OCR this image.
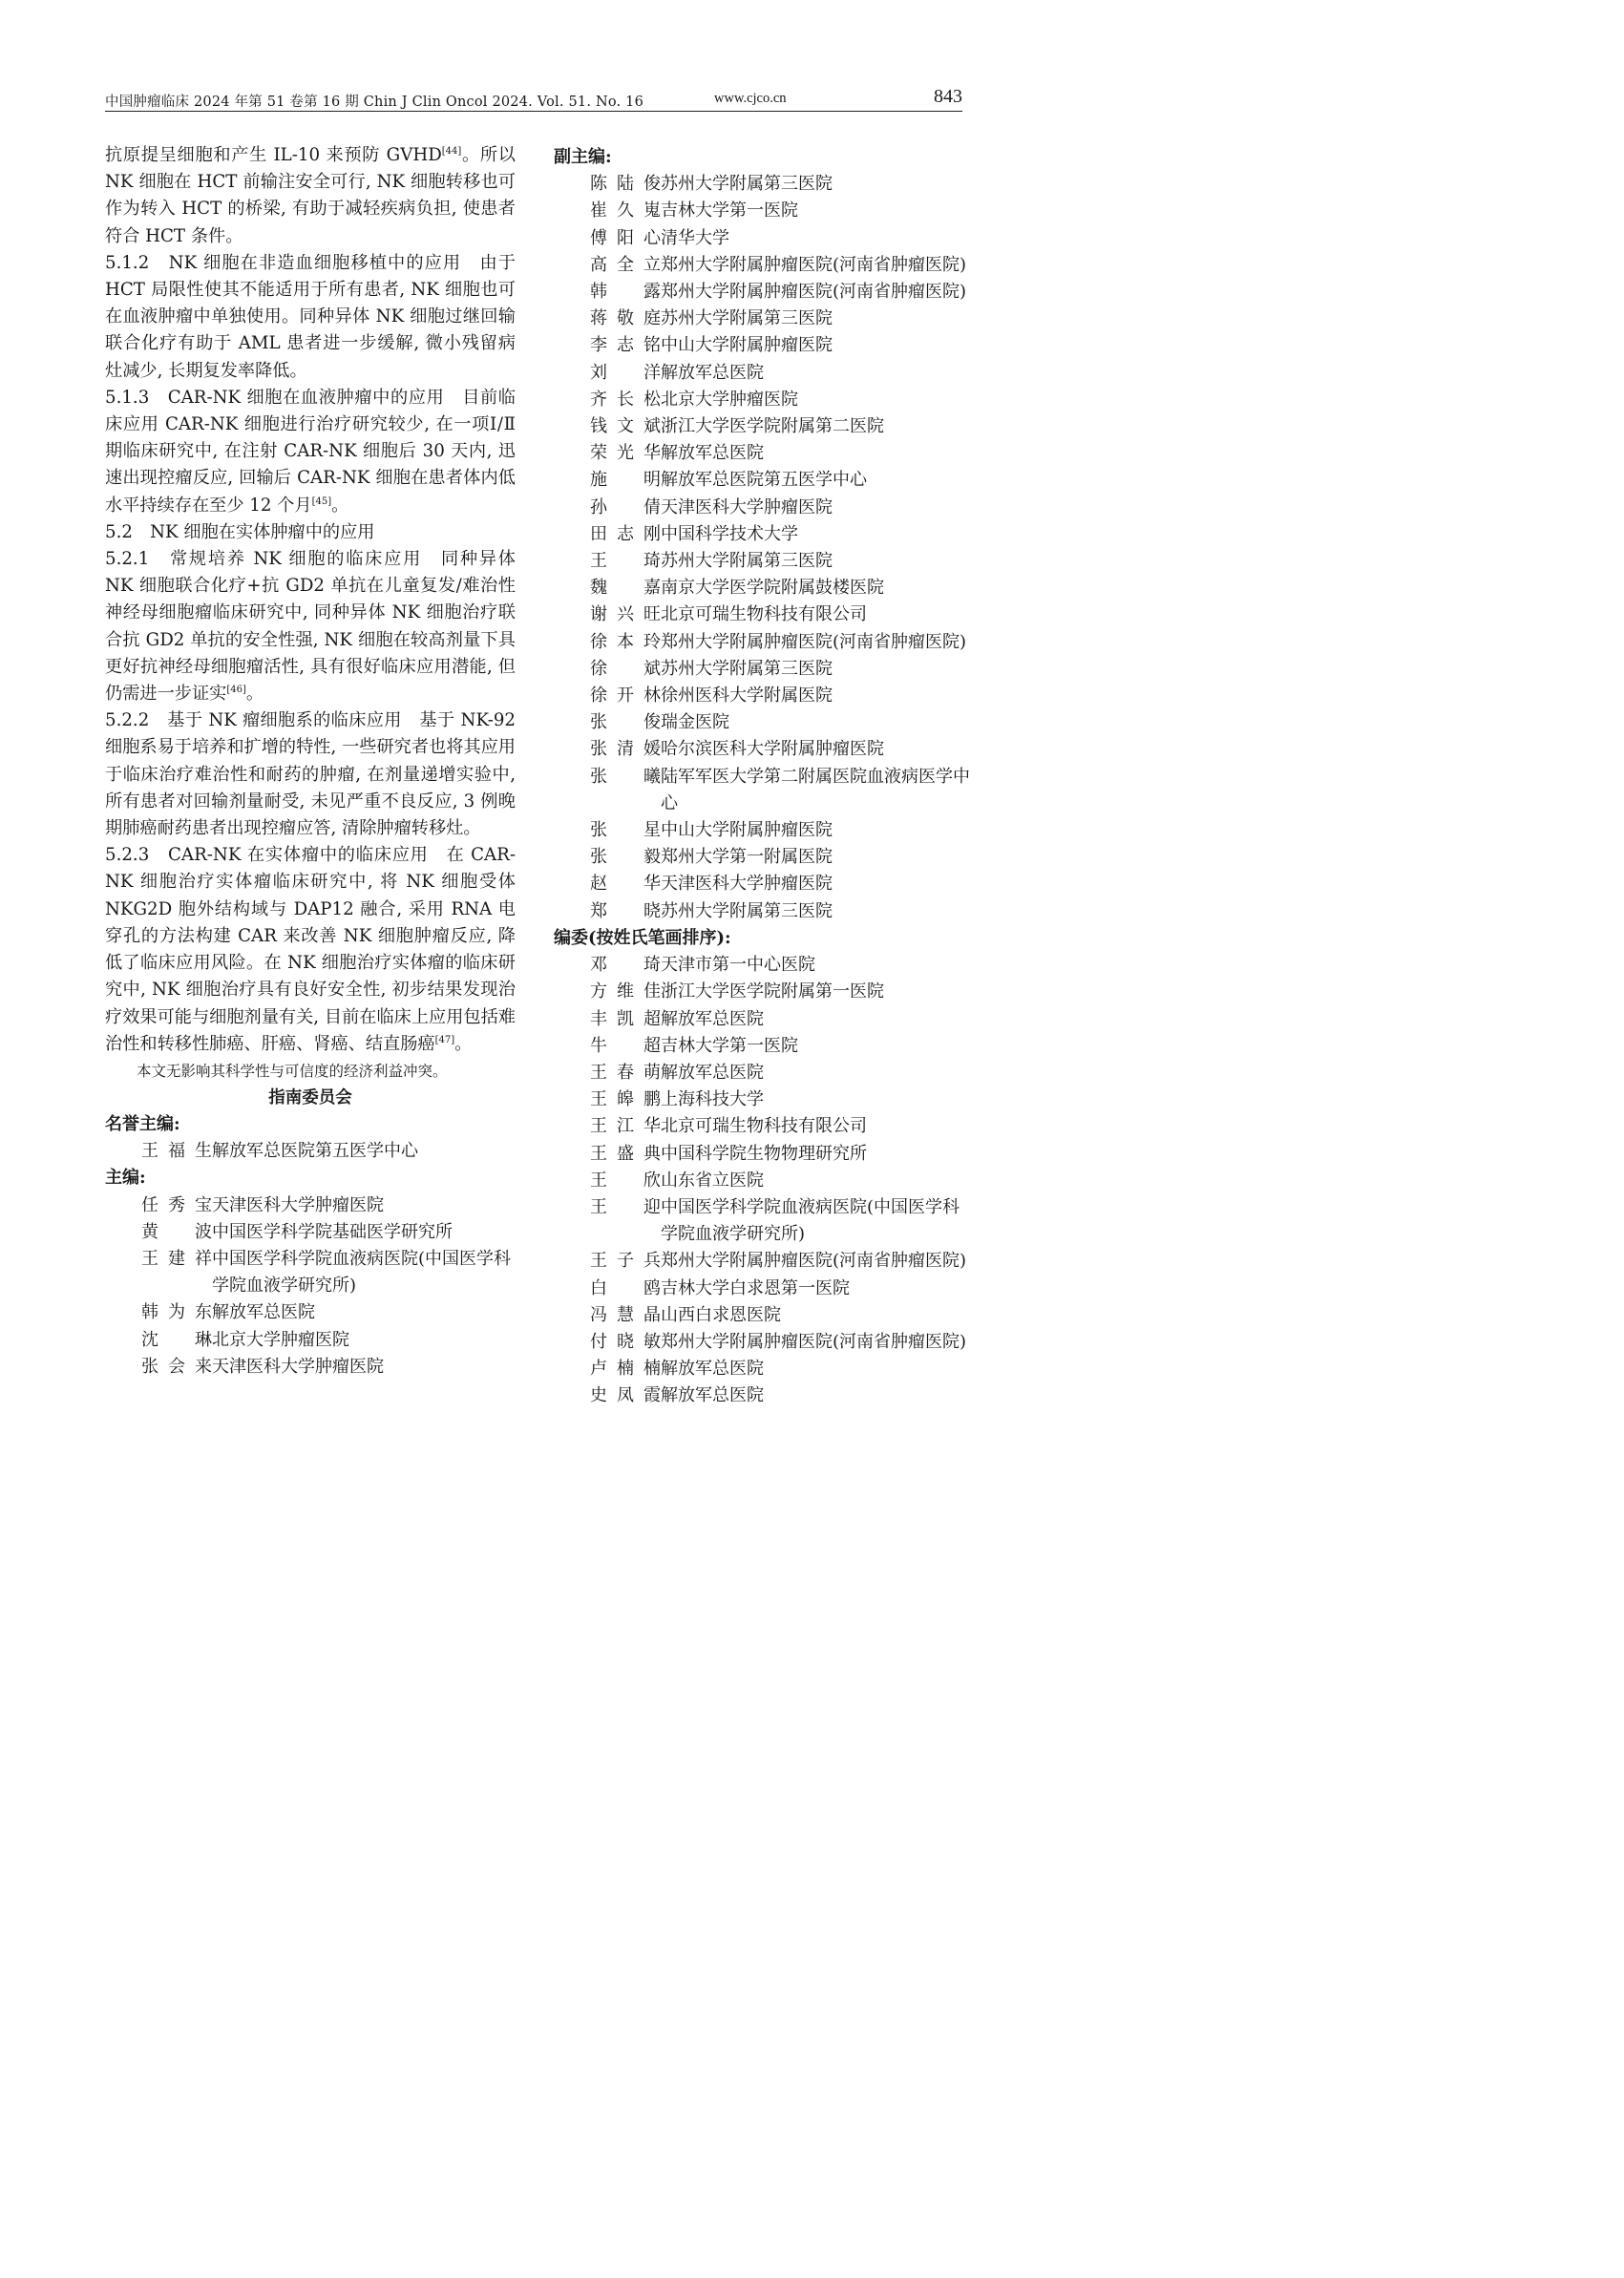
中国肿瘤临床 2024 年第 51 卷第 16 期 Chin J Clin Oncol 2024. Vol. 51. No. 16	www.cjco.cn	843

抗原提呈细胞和产生 IL-10 来预防 GVHD[44]。所以NK 细胞在 HCT 前输注安全可行, NK 细胞转移也可作为转入 HCT 的桥梁, 有助于减轻疾病负担, 使患者符合 HCT 条件。

5.1.2　NK 细胞在非造血细胞移植中的应用　由于 HCT 局限性使其不能适用于所有患者, NK 细胞也可在血液肿瘤中单独使用。同种异体 NK 细胞过继回输联合化疗有助于 AML 患者进一步缓解, 微小残留病灶减少, 长期复发率降低。

5.1.3　CAR-NK 细胞在血液肿瘤中的应用　目前临床应用 CAR-NK 细胞进行治疗研究较少, 在一项Ⅰ/Ⅱ期临床研究中, 在注射 CAR-NK 细胞后 30 天内, 迅速出现控瘤反应, 回输后 CAR-NK 细胞在患者体内低水平持续存在至少 12 个月[45]。

5.2　NK 细胞在实体肿瘤中的应用

5.2.1　常规培养 NK 细胞的临床应用　同种异体 NK 细胞联合化疗+抗 GD2 单抗在儿童复发/难治性神经母细胞瘤临床研究中, 同种异体 NK 细胞治疗联合抗 GD2 单抗的安全性强, NK 细胞在较高剂量下具更好抗神经母细胞瘤活性, 具有很好临床应用潜能, 但仍需进一步证实[46]。

5.2.2　基于 NK 瘤细胞系的临床应用　基于 NK-92 细胞系易于培养和扩增的特性, 一些研究者也将其应用于临床治疗难治性和耐药的肿瘤, 在剂量递增实验中, 所有患者对回输剂量耐受, 未见严重不良反应, 3 例晚期肺癌耐药患者出现控瘤应答, 清除肿瘤转移灶。

5.2.3　CAR-NK 在实体瘤中的临床应用　在 CAR-NK 细胞治疗实体瘤临床研究中, 将 NK 细胞受体 NKG2D 胞外结构域与 DAP12 融合, 采用 RNA 电穿孔的方法构建 CAR 来改善 NK 细胞肿瘤反应, 降低了临床应用风险。在 NK 细胞治疗实体瘤的临床研究中, NK 细胞治疗具有良好安全性, 初步结果发现治疗效果可能与细胞剂量有关, 目前在临床上应用包括难治性和转移性肺癌、肝癌、肾癌、结直肠癌[47]。

本文无影响其科学性与可信度的经济利益冲突。

指南委员会

名誉主编:

王福生 解放军总医院第五医学中心

主编:

任秀宝 天津医科大学肿瘤医院
黄　波 中国医学科学院基础医学研究所
王建祥 中国医学科学院血液病医院(中国医学科学院血液学研究所)
韩为东 解放军总医院
沈　琳 北京大学肿瘤医院
张会来 天津医科大学肿瘤医院

副主编:

陈陆俊 苏州大学附属第三医院
崔久嵬 吉林大学第一医院
傅阳心 清华大学
高全立 郑州大学附属肿瘤医院(河南省肿瘤医院)
韩　露 郑州大学附属肿瘤医院(河南省肿瘤医院)
蒋敬庭 苏州大学附属第三医院
李志铭 中山大学附属肿瘤医院
刘　洋 解放军总医院
齐长松 北京大学肿瘤医院
钱文斌 浙江大学医学院附属第二医院
荣光华 解放军总医院
施　明 解放军总医院第五医学中心
孙　倩 天津医科大学肿瘤医院
田志刚 中国科学技术大学
王　琦 苏州大学附属第三医院
魏　嘉 南京大学医学院附属鼓楼医院
谢兴旺 北京可瑞生物科技有限公司
徐本玲 郑州大学附属肿瘤医院(河南省肿瘤医院)
徐　斌 苏州大学附属第三医院
徐开林 徐州医科大学附属医院
张　俊 瑞金医院
张清媛 哈尔滨医科大学附属肿瘤医院
张　曦 陆军军医大学第二附属医院血液病医学中心
张　星 中山大学附属肿瘤医院
张　毅 郑州大学第一附属医院
赵　华 天津医科大学肿瘤医院
郑　晓 苏州大学附属第三医院

编委(按姓氏笔画排序):

邓　琦 天津市第一中心医院
方维佳 浙江大学医学院附属第一医院
丰凯超 解放军总医院
牛　超 吉林大学第一医院
王春萌 解放军总医院
王皞鹏 上海科技大学
王江华 北京可瑞生物科技有限公司
王盛典 中国科学院生物物理研究所
王　欣 山东省立医院
王　迎 中国医学科学院血液病医院(中国医学科学院血液学研究所)
王子兵 郑州大学附属肿瘤医院(河南省肿瘤医院)
白　鸥 吉林大学白求恩第一医院
冯慧晶 山西白求恩医院
付晓敏 郑州大学附属肿瘤医院(河南省肿瘤医院)
卢楠楠 解放军总医院
史凤霞 解放军总医院
